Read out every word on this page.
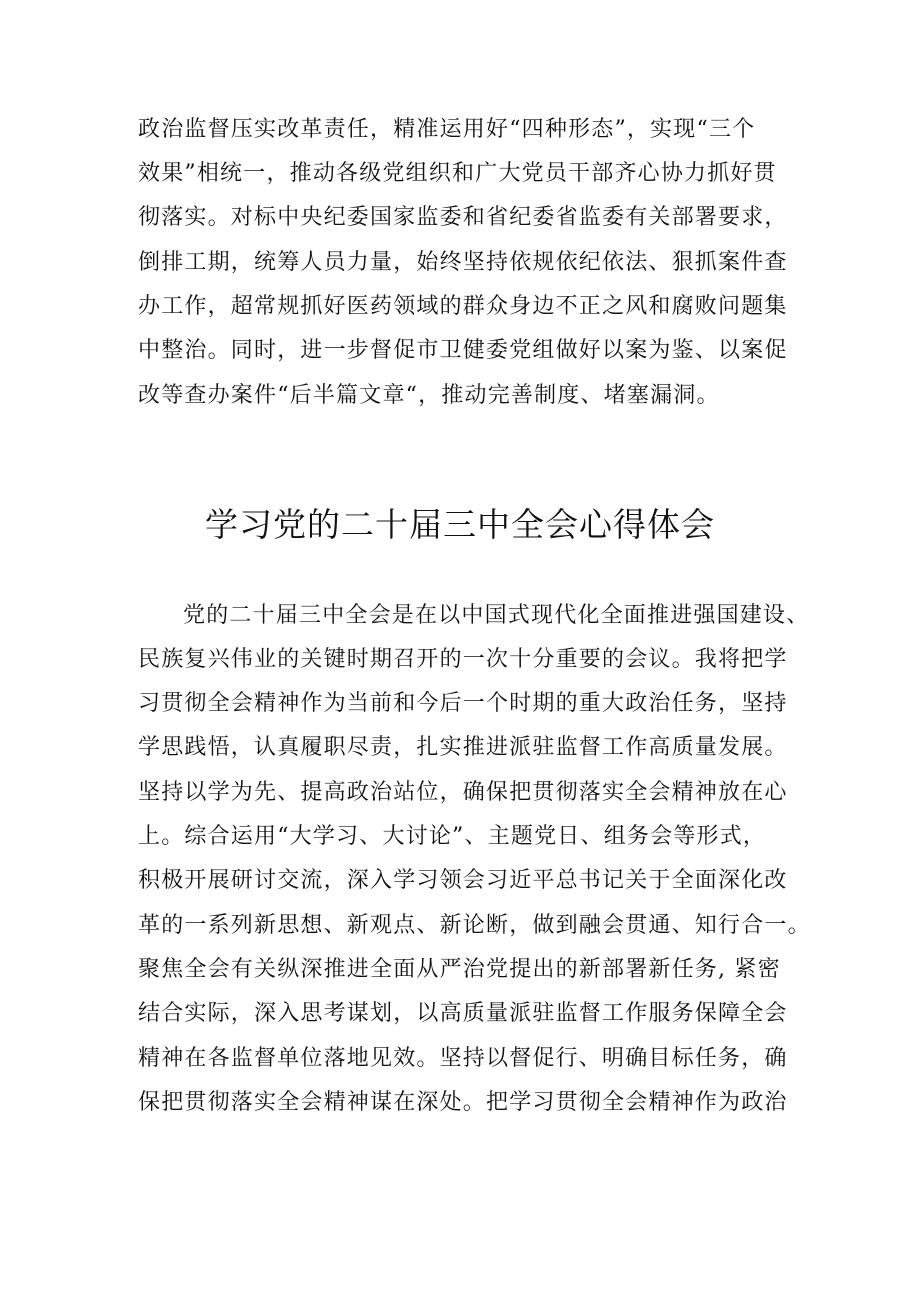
政治监督压实改革责任，精准运用好“四种形态”，实现“三个
效果”相统一，推动各级党组织和广大党员干部齐心协力抓好贯
彻落实。对标中央纪委国家监委和省纪委省监委有关部署要求，
倒排工期，统筹人员力量，始终坚持依规依纪依法、狠抓案件查
办工作，超常规抓好医药领域的群众身边不正之风和腐败问题集
中整治。同时，进一步督促市卫健委党组做好以案为鉴、以案促
改等查办案件“后半篇文章“，推动完善制度、堵塞漏洞。
学习党的二十届三中全会心得体会
党的二十届三中全会是在以中国式现代化全面推进强国建设、
民族复兴伟业的关键时期召开的一次十分重要的会议。我将把学
习贯彻全会精神作为当前和今后一个时期的重大政治任务，坚持
学思践悟，认真履职尽责，扎实推进派驻监督工作高质量发展。
坚持以学为先、提高政治站位，确保把贯彻落实全会精神放在心
上。综合运用“大学习、大讨论”、主题党日、组务会等形式，
积极开展研讨交流，深入学习领会习近平总书记关于全面深化改
革的一系列新思想、新观点、新论断，做到融会贯通、知行合一。
聚焦全会有关纵深推进全面从严治党提出的新部署新任务, 紧密
结合实际，深入思考谋划，以高质量派驻监督工作服务保障全会
精神在各监督单位落地见效。坚持以督促行、明确目标任务，确
保把贯彻落实全会精神谋在深处。把学习贯彻全会精神作为政治
